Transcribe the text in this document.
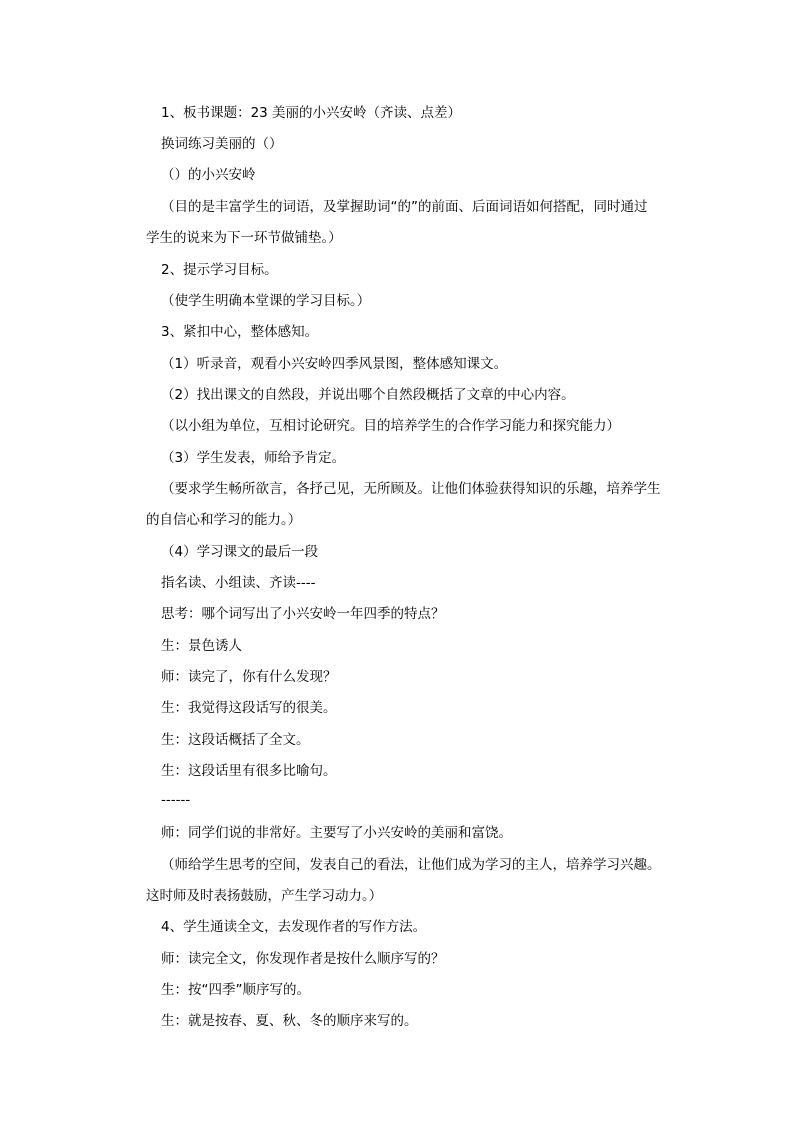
1、板书课题：23 美丽的小兴安岭（齐读、点差）

换词练习美丽的（）

（）的小兴安岭

（目的是丰富学生的词语，及掌握助词“的”的前面、后面词语如何搭配，同时通过

学生的说来为下一环节做铺垫。）

2、提示学习目标。

（使学生明确本堂课的学习目标。）

3、紧扣中心，整体感知。

（1）听录音，观看小兴安岭四季风景图，整体感知课文。

（2）找出课文的自然段，并说出哪个自然段概括了文章的中心内容。

（以小组为单位，互相讨论研究。目的培养学生的合作学习能力和探究能力）

（3）学生发表，师给予肯定。

（要求学生畅所欲言，各抒己见，无所顾及。让他们体验获得知识的乐趣，培养学生

的自信心和学习的能力。）

（4）学习课文的最后一段

指名读、小组读、齐读----

思考：哪个词写出了小兴安岭一年四季的特点？

生：景色诱人

师：读完了，你有什么发现？

生：我觉得这段话写的很美。

生：这段话概括了全文。

生：这段话里有很多比喻句。

------

师：同学们说的非常好。主要写了小兴安岭的美丽和富饶。

（师给学生思考的空间，发表自己的看法，让他们成为学习的主人，培养学习兴趣。

这时师及时表扬鼓励，产生学习动力。）

4、学生通读全文，去发现作者的写作方法。

师：读完全文，你发现作者是按什么顺序写的？

生：按“四季”顺序写的。

生：就是按春、夏、秋、冬的顺序来写的。
